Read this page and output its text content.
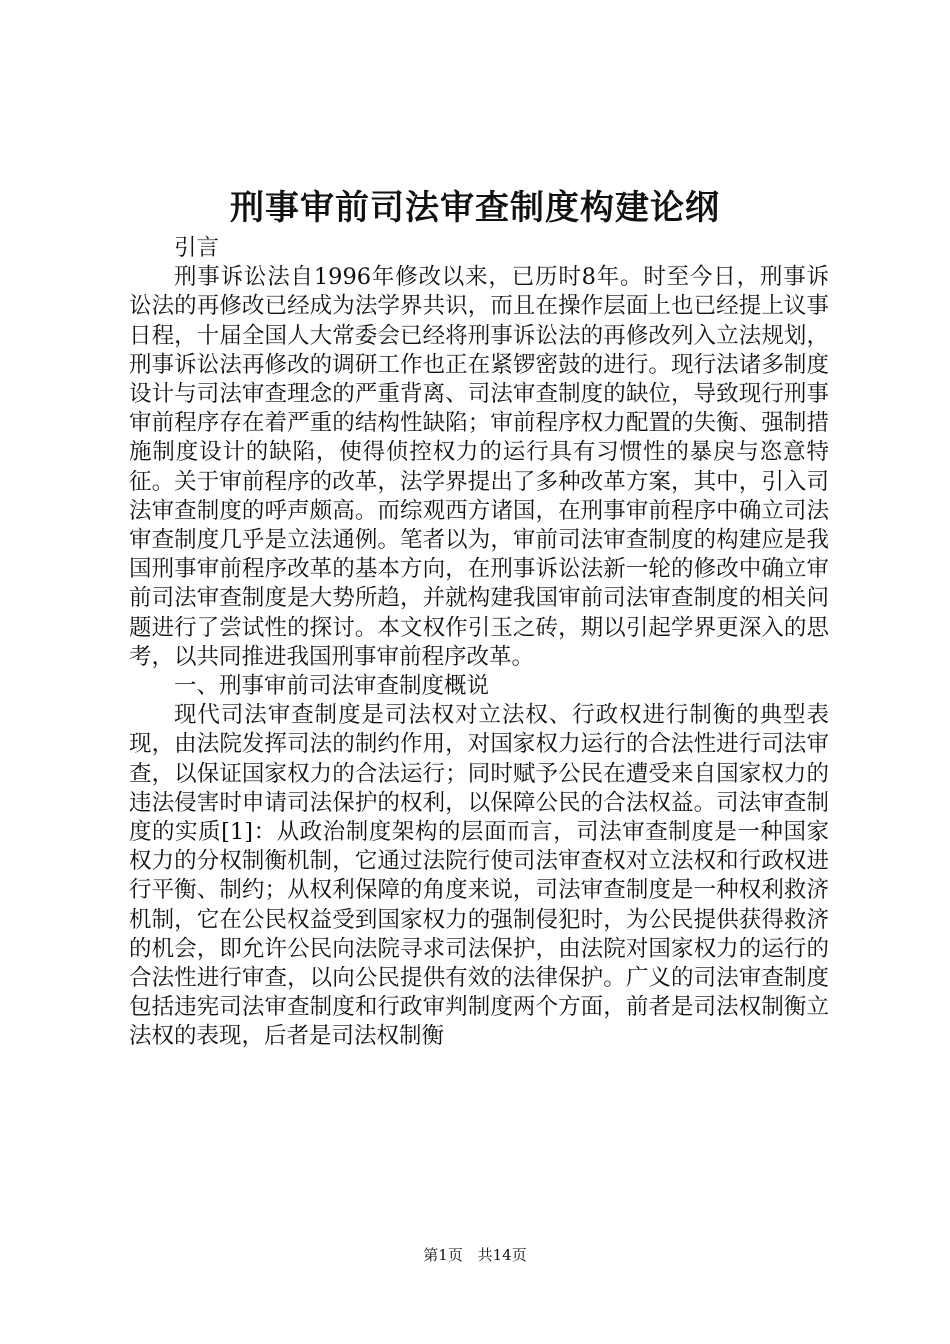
刑事审前司法审查制度构建论纲

引言

刑事诉讼法自1996年修改以来，已历时8年。时至今日，刑事诉讼法的再修改已经成为法学界共识，而且在操作层面上也已经提上议事日程，十届全国人大常委会已经将刑事诉讼法的再修改列入立法规划，刑事诉讼法再修改的调研工作也正在紧锣密鼓的进行。现行法诸多制度设计与司法审查理念的严重背离、司法审查制度的缺位，导致现行刑事审前程序存在着严重的结构性缺陷；审前程序权力配置的失衡、强制措施制度设计的缺陷，使得侦控权力的运行具有习惯性的暴戾与恣意特征。关于审前程序的改革，法学界提出了多种改革方案，其中，引入司法审查制度的呼声颇高。而综观西方诸国，在刑事审前程序中确立司法审查制度几乎是立法通例。笔者以为，审前司法审查制度的构建应是我国刑事审前程序改革的基本方向，在刑事诉讼法新一轮的修改中确立审前司法审查制度是大势所趋，并就构建我国审前司法审查制度的相关问题进行了尝试性的探讨。本文权作引玉之砖，期以引起学界更深入的思考，以共同推进我国刑事审前程序改革。

一、刑事审前司法审查制度概说

现代司法审查制度是司法权对立法权、行政权进行制衡的典型表现，由法院发挥司法的制约作用，对国家权力运行的合法性进行司法审查，以保证国家权力的合法运行；同时赋予公民在遭受来自国家权力的违法侵害时申请司法保护的权利，以保障公民的合法权益。司法审查制度的实质[1]：从政治制度架构的层面而言，司法审查制度是一种国家权力的分权制衡机制，它通过法院行使司法审查权对立法权和行政权进行平衡、制约；从权利保障的角度来说，司法审查制度是一种权利救济机制，它在公民权益受到国家权力的强制侵犯时，为公民提供获得救济的机会，即允许公民向法院寻求司法保护，由法院对国家权力的运行的合法性进行审查，以向公民提供有效的法律保护。广义的司法审查制度包括违宪司法审查制度和行政审判制度两个方面，前者是司法权制衡立法权的表现，后者是司法权制衡

第1页 共14页
